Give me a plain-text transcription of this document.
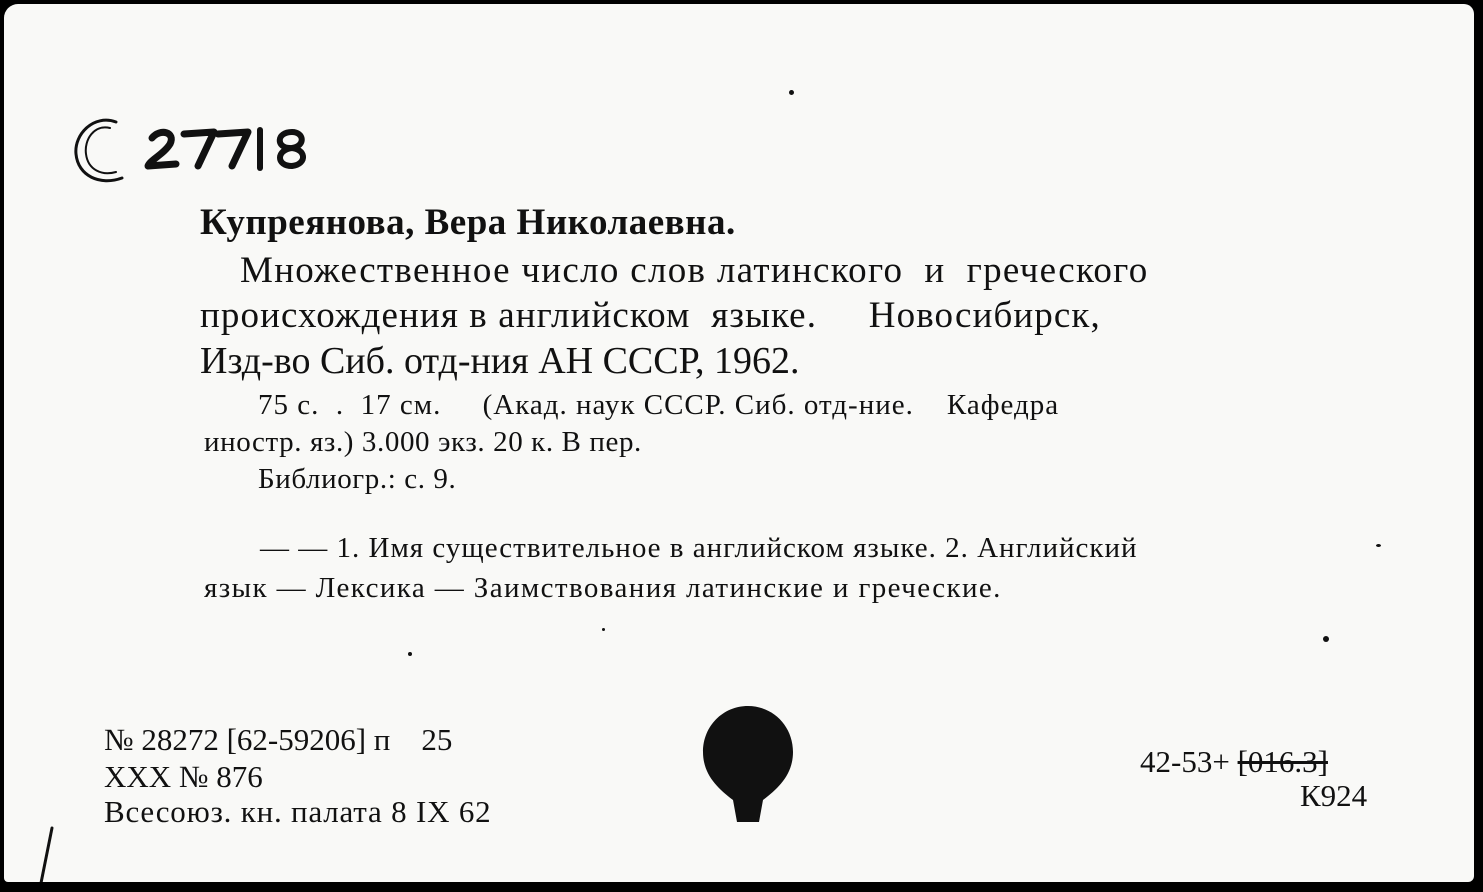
Купреянова, Вера Николаевна.
Множественное число слов латинского  и  греческого
происхождения в английском  языке.     Новосибирск,
Изд-во Сиб. отд-ния АН СССР, 1962.
75 с.  .  17 см.     (Акад. наук СССР. Сиб. отд-ние.    Кафедра
иностр. яз.) 3.000 экз. 20 к. В пер.
Библиогр.: с. 9.
— — 1. Имя существительное в английском языке. 2. Английский
язык — Лексика — Заимствования латинские и греческие.
№ 28272 [62-59206] п    25
XXX № 876
Всесоюз. кн. палата 8 IX 62
42-53+ [016.3]
К924
